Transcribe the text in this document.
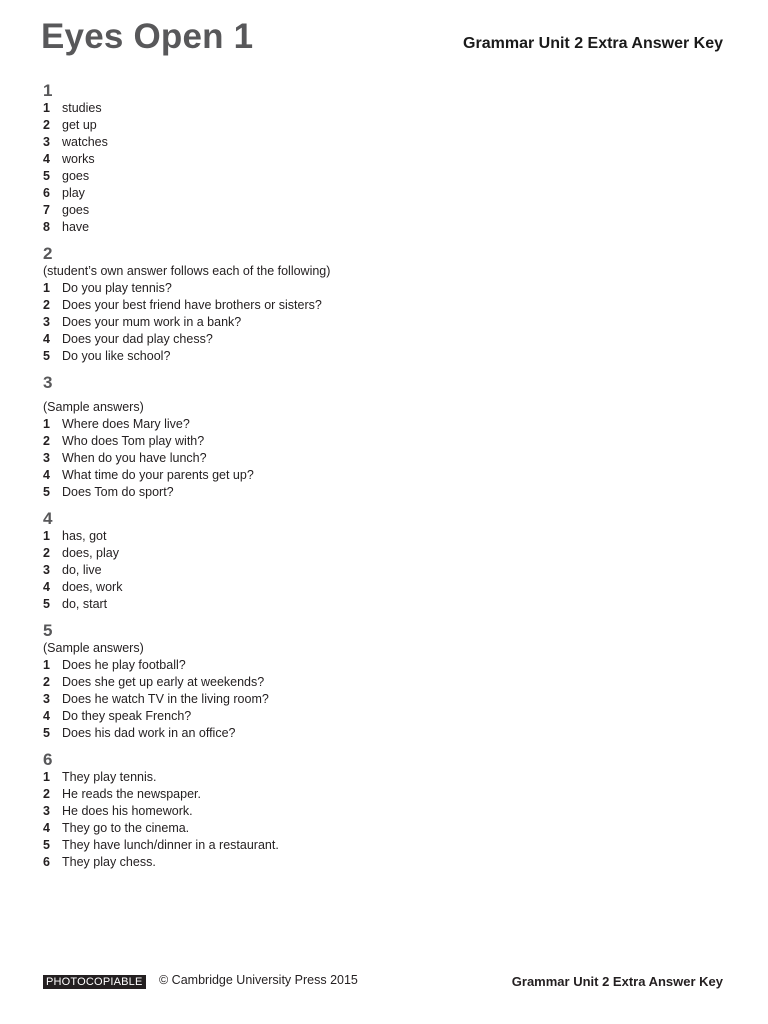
Eyes Open 1	Grammar Unit 2 Extra Answer Key
1
1 studies
2 get up
3 watches
4 works
5 goes
6 play
7 goes
8 have
2
(student’s own answer follows each of the following)
1 Do you play tennis?
2 Does your best friend have brothers or sisters?
3 Does your mum work in a bank?
4 Does your dad play chess?
5 Do you like school?
3
(Sample answers)
1 Where does Mary live?
2 Who does Tom play with?
3 When do you have lunch?
4 What time do your parents get up?
5 Does Tom do sport?
4
1 has, got
2 does, play
3 do, live
4 does, work
5 do, start
5
(Sample answers)
1 Does he play football?
2 Does she get up early at weekends?
3 Does he watch TV in the living room?
4 Do they speak French?
5 Does his dad work in an office?
6
1 They play tennis.
2 He reads the newspaper.
3 He does his homework.
4 They go to the cinema.
5 They have lunch/dinner in a restaurant.
6 They play chess.
PHOTOCOPIABLE © Cambridge University Press 2015	Grammar Unit 2 Extra Answer Key
